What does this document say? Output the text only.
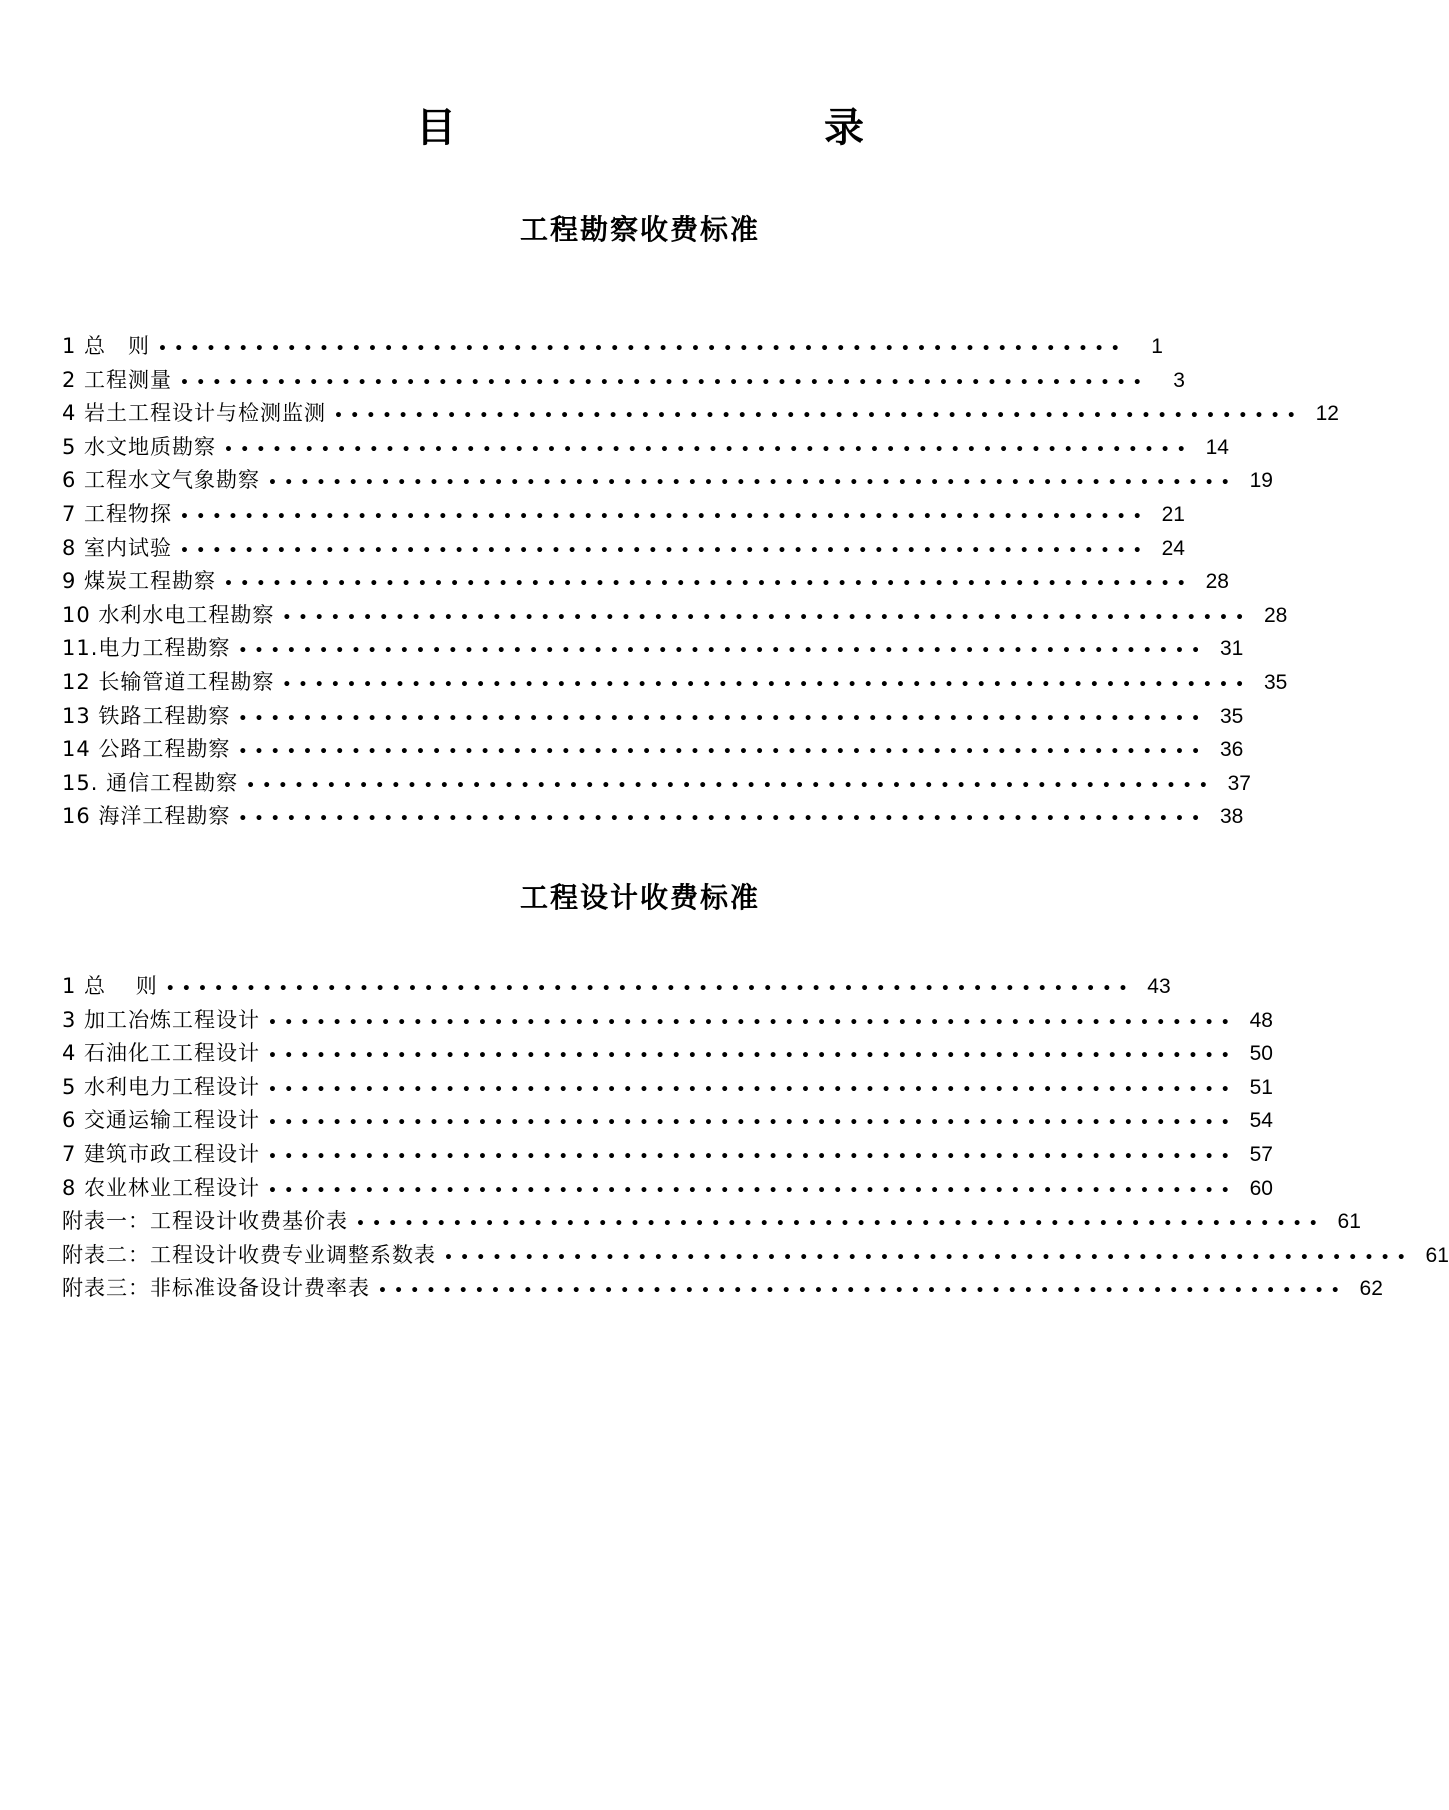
目　　录
工程勘察收费标准
1 总　则 ••••••••••••••••••••••••••••••••••••••••••••••••••••••••••••	1
2 工程测量 ••••••••••••••••••••••••••••••••••••••••••••••••••••••••••••	3
4 岩土工程设计与检测监测 •••••••••••••••••••••••••••••••••••••••••••••••••••••••••••• 12
5 水文地质勘察 •••••••••••••••••••••••••••••••••••••••••••••••••••••••••••• 14
6 工程水文气象勘察 •••••••••••••••••••••••••••••••••••••••••••••••••••••••••••• 19
7 工程物探 •••••••••••••••••••••••••••••••••••••••••••••••••••••••••••• 21
8 室内试验 •••••••••••••••••••••••••••••••••••••••••••••••••••••••••••• 24
9 煤炭工程勘察 •••••••••••••••••••••••••••••••••••••••••••••••••••••••••••• 28
10 水利水电工程勘察 •••••••••••••••••••••••••••••••••••••••••••••••••••••••••••• 28
11.电力工程勘察 •••••••••••••••••••••••••••••••••••••••••••••••••••••••••••• 31
12 长输管道工程勘察 •••••••••••••••••••••••••••••••••••••••••••••••••••••••••••• 35
13 铁路工程勘察 •••••••••••••••••••••••••••••••••••••••••••••••••••••••••••• 35
14 公路工程勘察 •••••••••••••••••••••••••••••••••••••••••••••••••••••••••••• 36
15. 通信工程勘察 •••••••••••••••••••••••••••••••••••••••••••••••••••••••••••• 37
16 海洋工程勘察 •••••••••••••••••••••••••••••••••••••••••••••••••••••••••••• 38
工程设计收费标准
1 总　 则 •••••••••••••••••••••••••••••••••••••••••••••••••••••••••••• 43
3 加工冶炼工程设计 •••••••••••••••••••••••••••••••••••••••••••••••••••••••••••• 48
4 石油化工工程设计 •••••••••••••••••••••••••••••••••••••••••••••••••••••••••••• 50
5 水利电力工程设计 •••••••••••••••••••••••••••••••••••••••••••••••••••••••••••• 51
6 交通运输工程设计 •••••••••••••••••••••••••••••••••••••••••••••••••••••••••••• 54
7 建筑市政工程设计 •••••••••••••••••••••••••••••••••••••••••••••••••••••••••••• 57
8 农业林业工程设计 •••••••••••••••••••••••••••••••••••••••••••••••••••••••••••• 60
附表一：工程设计收费基价表 •••••••••••••••••••••••••••••••••••••••••••••••••••••••••••• 61
附表二：工程设计收费专业调整系数表 •••••••••••••••••••••••••••••••••••••••••••••••••••••••••••• 61
附表三：非标准设备设计费率表 •••••••••••••••••••••••••••••••••••••••••••••••••••••••••••• 62
